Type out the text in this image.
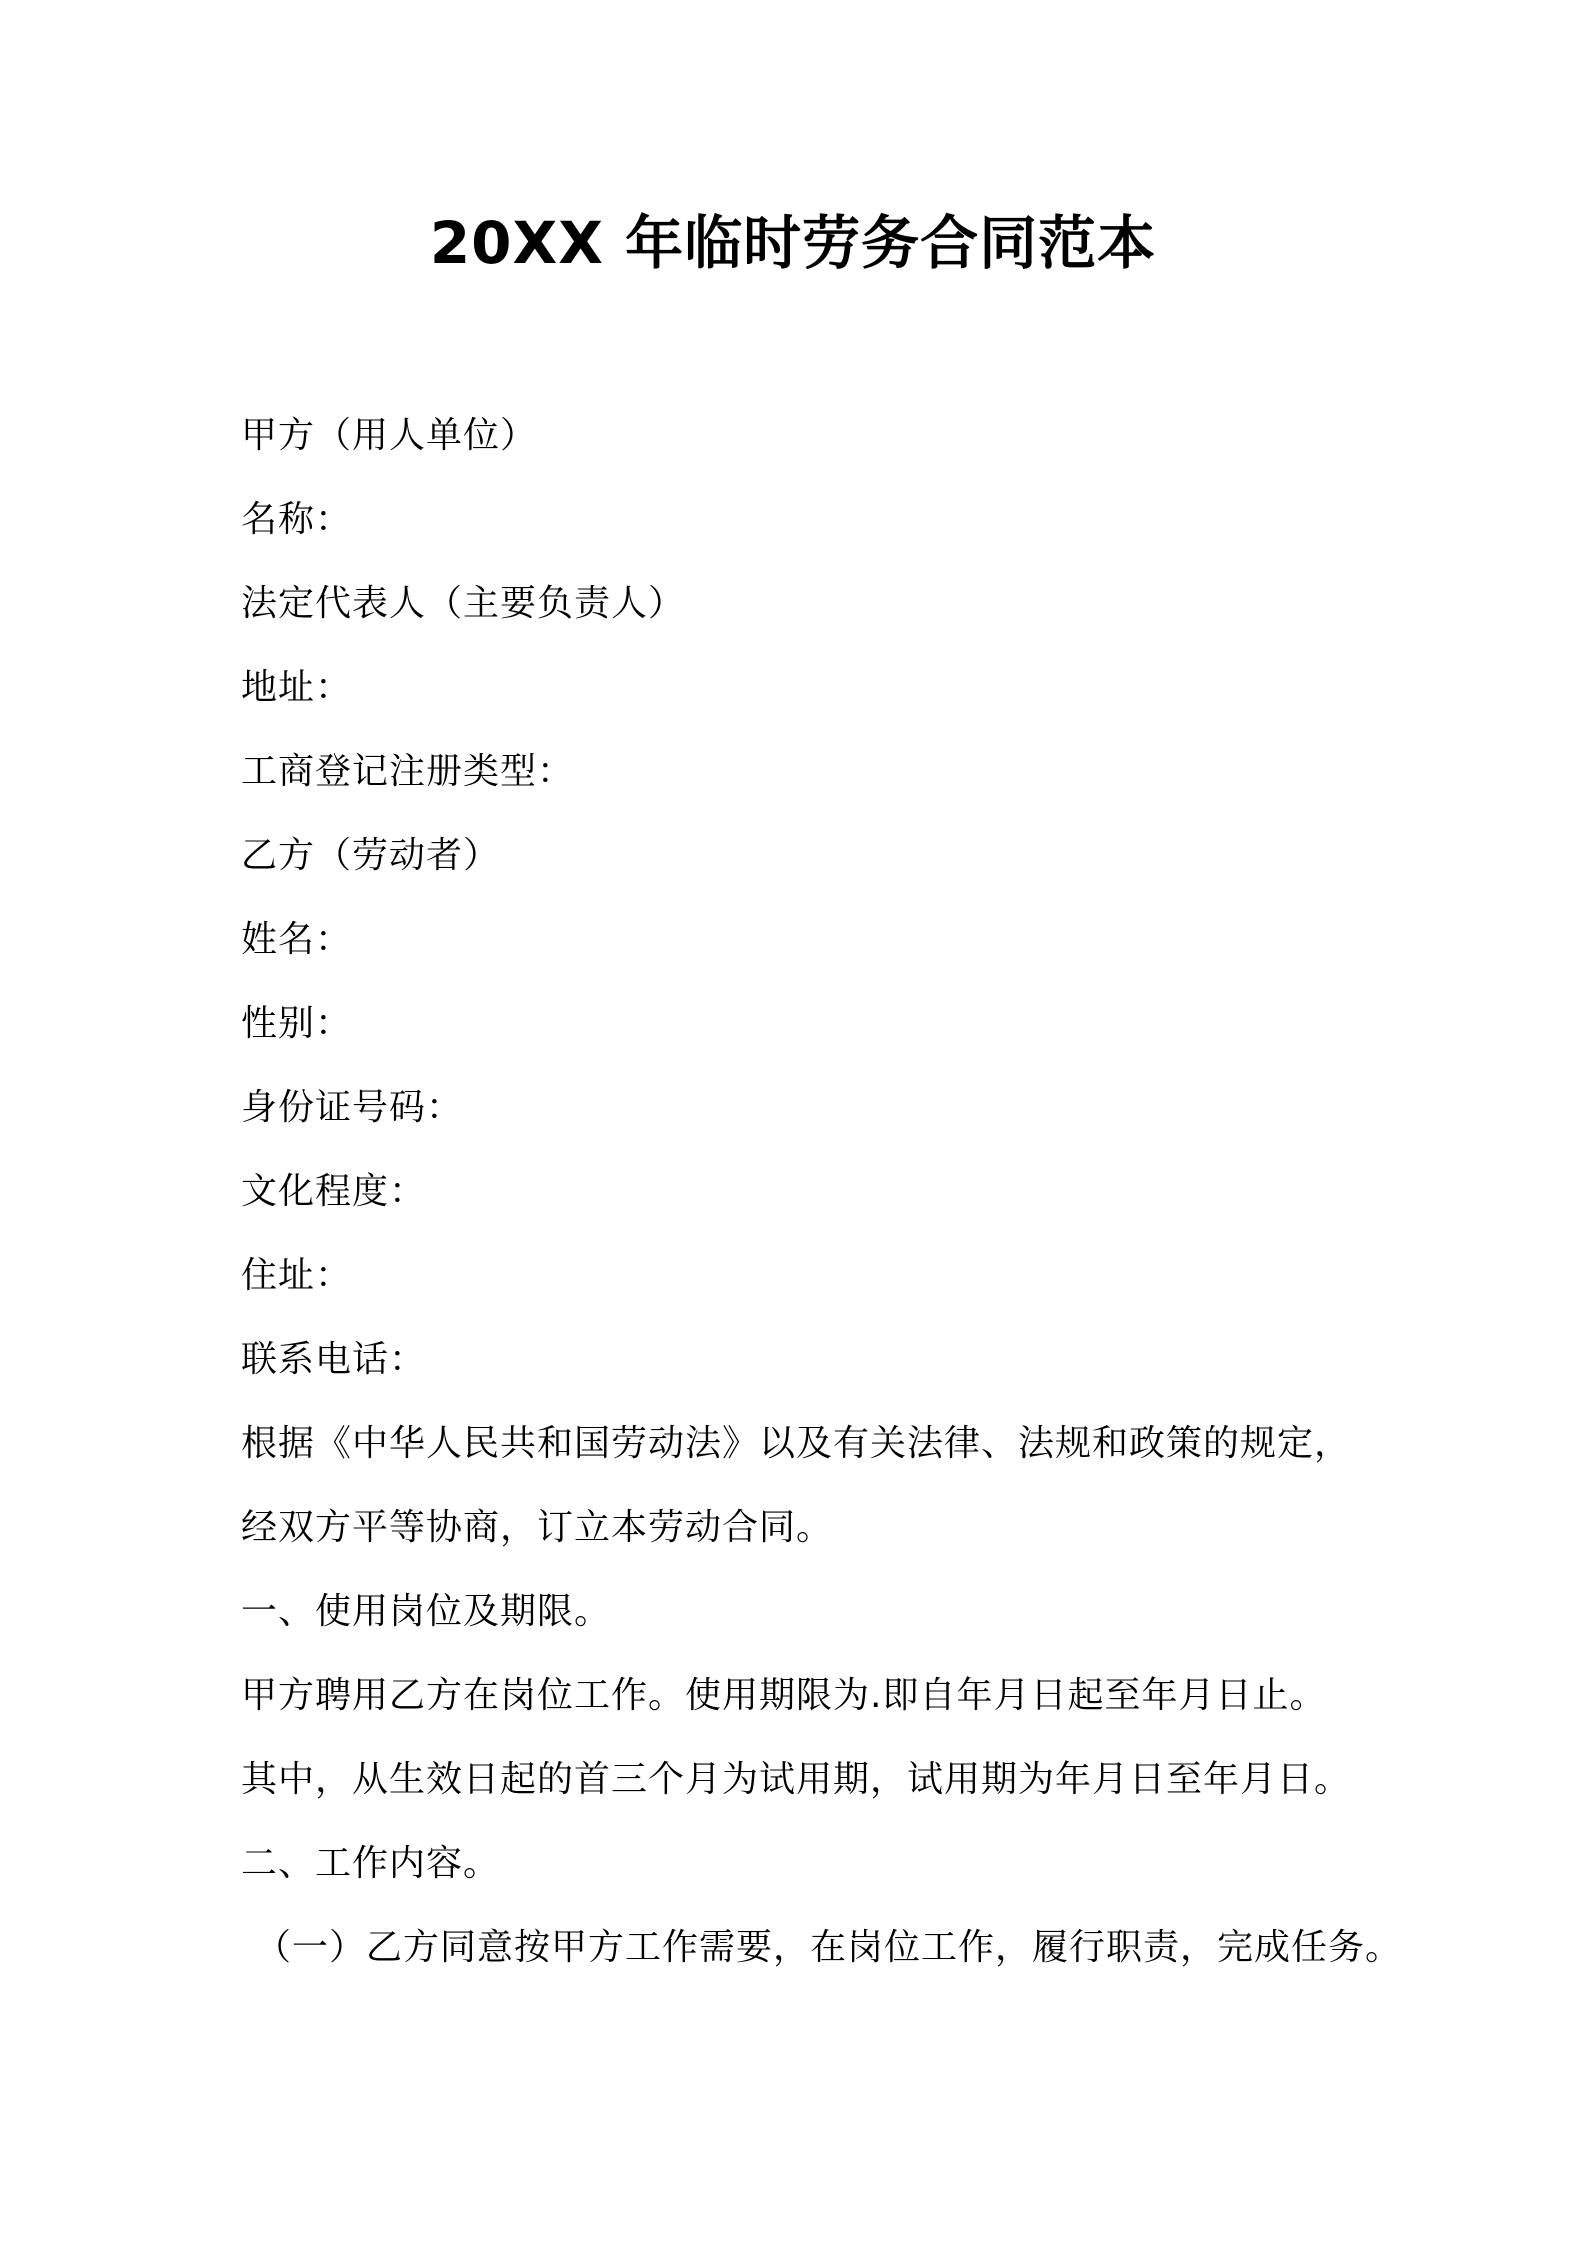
20XX 年临时劳务合同范本
甲方（用人单位）
名称：
法定代表人（主要负责人）
地址：
工商登记注册类型：
乙方（劳动者）
姓名：
性别：
身份证号码：
文化程度：
住址：
联系电话：
根据《中华人民共和国劳动法》以及有关法律、法规和政策的规定，
经双方平等协商，订立本劳动合同。
一、使用岗位及期限。
甲方聘用乙方在岗位工作。使用期限为.即自年月日起至年月日止。
其中，从生效日起的首三个月为试用期，试用期为年月日至年月日。
二、工作内容。
（一）乙方同意按甲方工作需要，在岗位工作，履行职责，完成任务。
